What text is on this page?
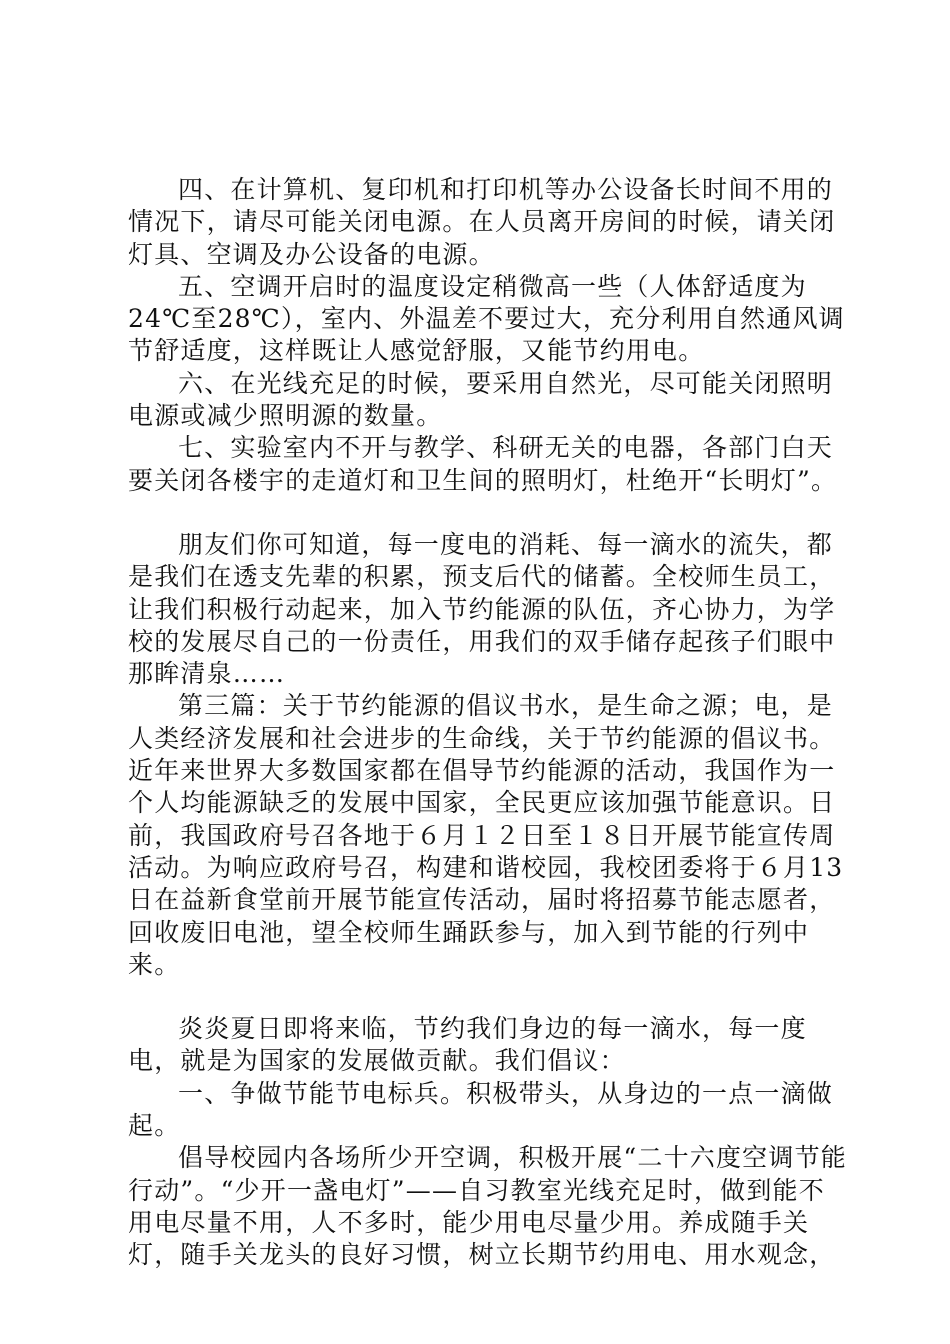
四、在计算机、复印机和打印机等办公设备长时间不用的情况下，请尽可能关闭电源。在人员离开房间的时候，请关闭灯具、空调及办公设备的电源。

五、空调开启时的温度设定稍微高一些（人体舒适度为24℃至28℃），室内、外温差不要过大，充分利用自然通风调节舒适度，这样既让人感觉舒服，又能节约用电。

六、在光线充足的时候，要采用自然光，尽可能关闭照明电源或减少照明源的数量。

七、实验室内不开与教学、科研无关的电器，各部门白天要关闭各楼宇的走道灯和卫生间的照明灯，杜绝开“长明灯”。

朋友们你可知道，每一度电的消耗、每一滴水的流失，都是我们在透支先辈的积累，预支后代的储蓄。全校师生员工，让我们积极行动起来，加入节约能源的队伍，齐心协力，为学校的发展尽自己的一份责任，用我们的双手储存起孩子们眼中那眸清泉……

第三篇：关于节约能源的倡议书水，是生命之源；电，是人类经济发展和社会进步的生命线，关于节约能源的倡议书。近年来世界大多数国家都在倡导节约能源的活动，我国作为一个人均能源缺乏的发展中国家，全民更应该加强节能意识。日前，我国政府号召各地于６月１２日至１８日开展节能宣传周活动。为响应政府号召，构建和谐校园，我校团委将于６月13日在益新食堂前开展节能宣传活动，届时将招募节能志愿者，回收废旧电池，望全校师生踊跃参与，加入到节能的行列中来。

炎炎夏日即将来临，节约我们身边的每一滴水，每一度电，就是为国家的发展做贡献。我们倡议：

一、争做节能节电标兵。积极带头，从身边的一点一滴做起。

倡导校园内各场所少开空调，积极开展“二十六度空调节能行动”。“少开一盏电灯”——自习教室光线充足时，做到能不用电尽量不用，人不多时，能少用电尽量少用。养成随手关灯，随手关龙头的良好习惯，树立长期节约用电、用水观念，
